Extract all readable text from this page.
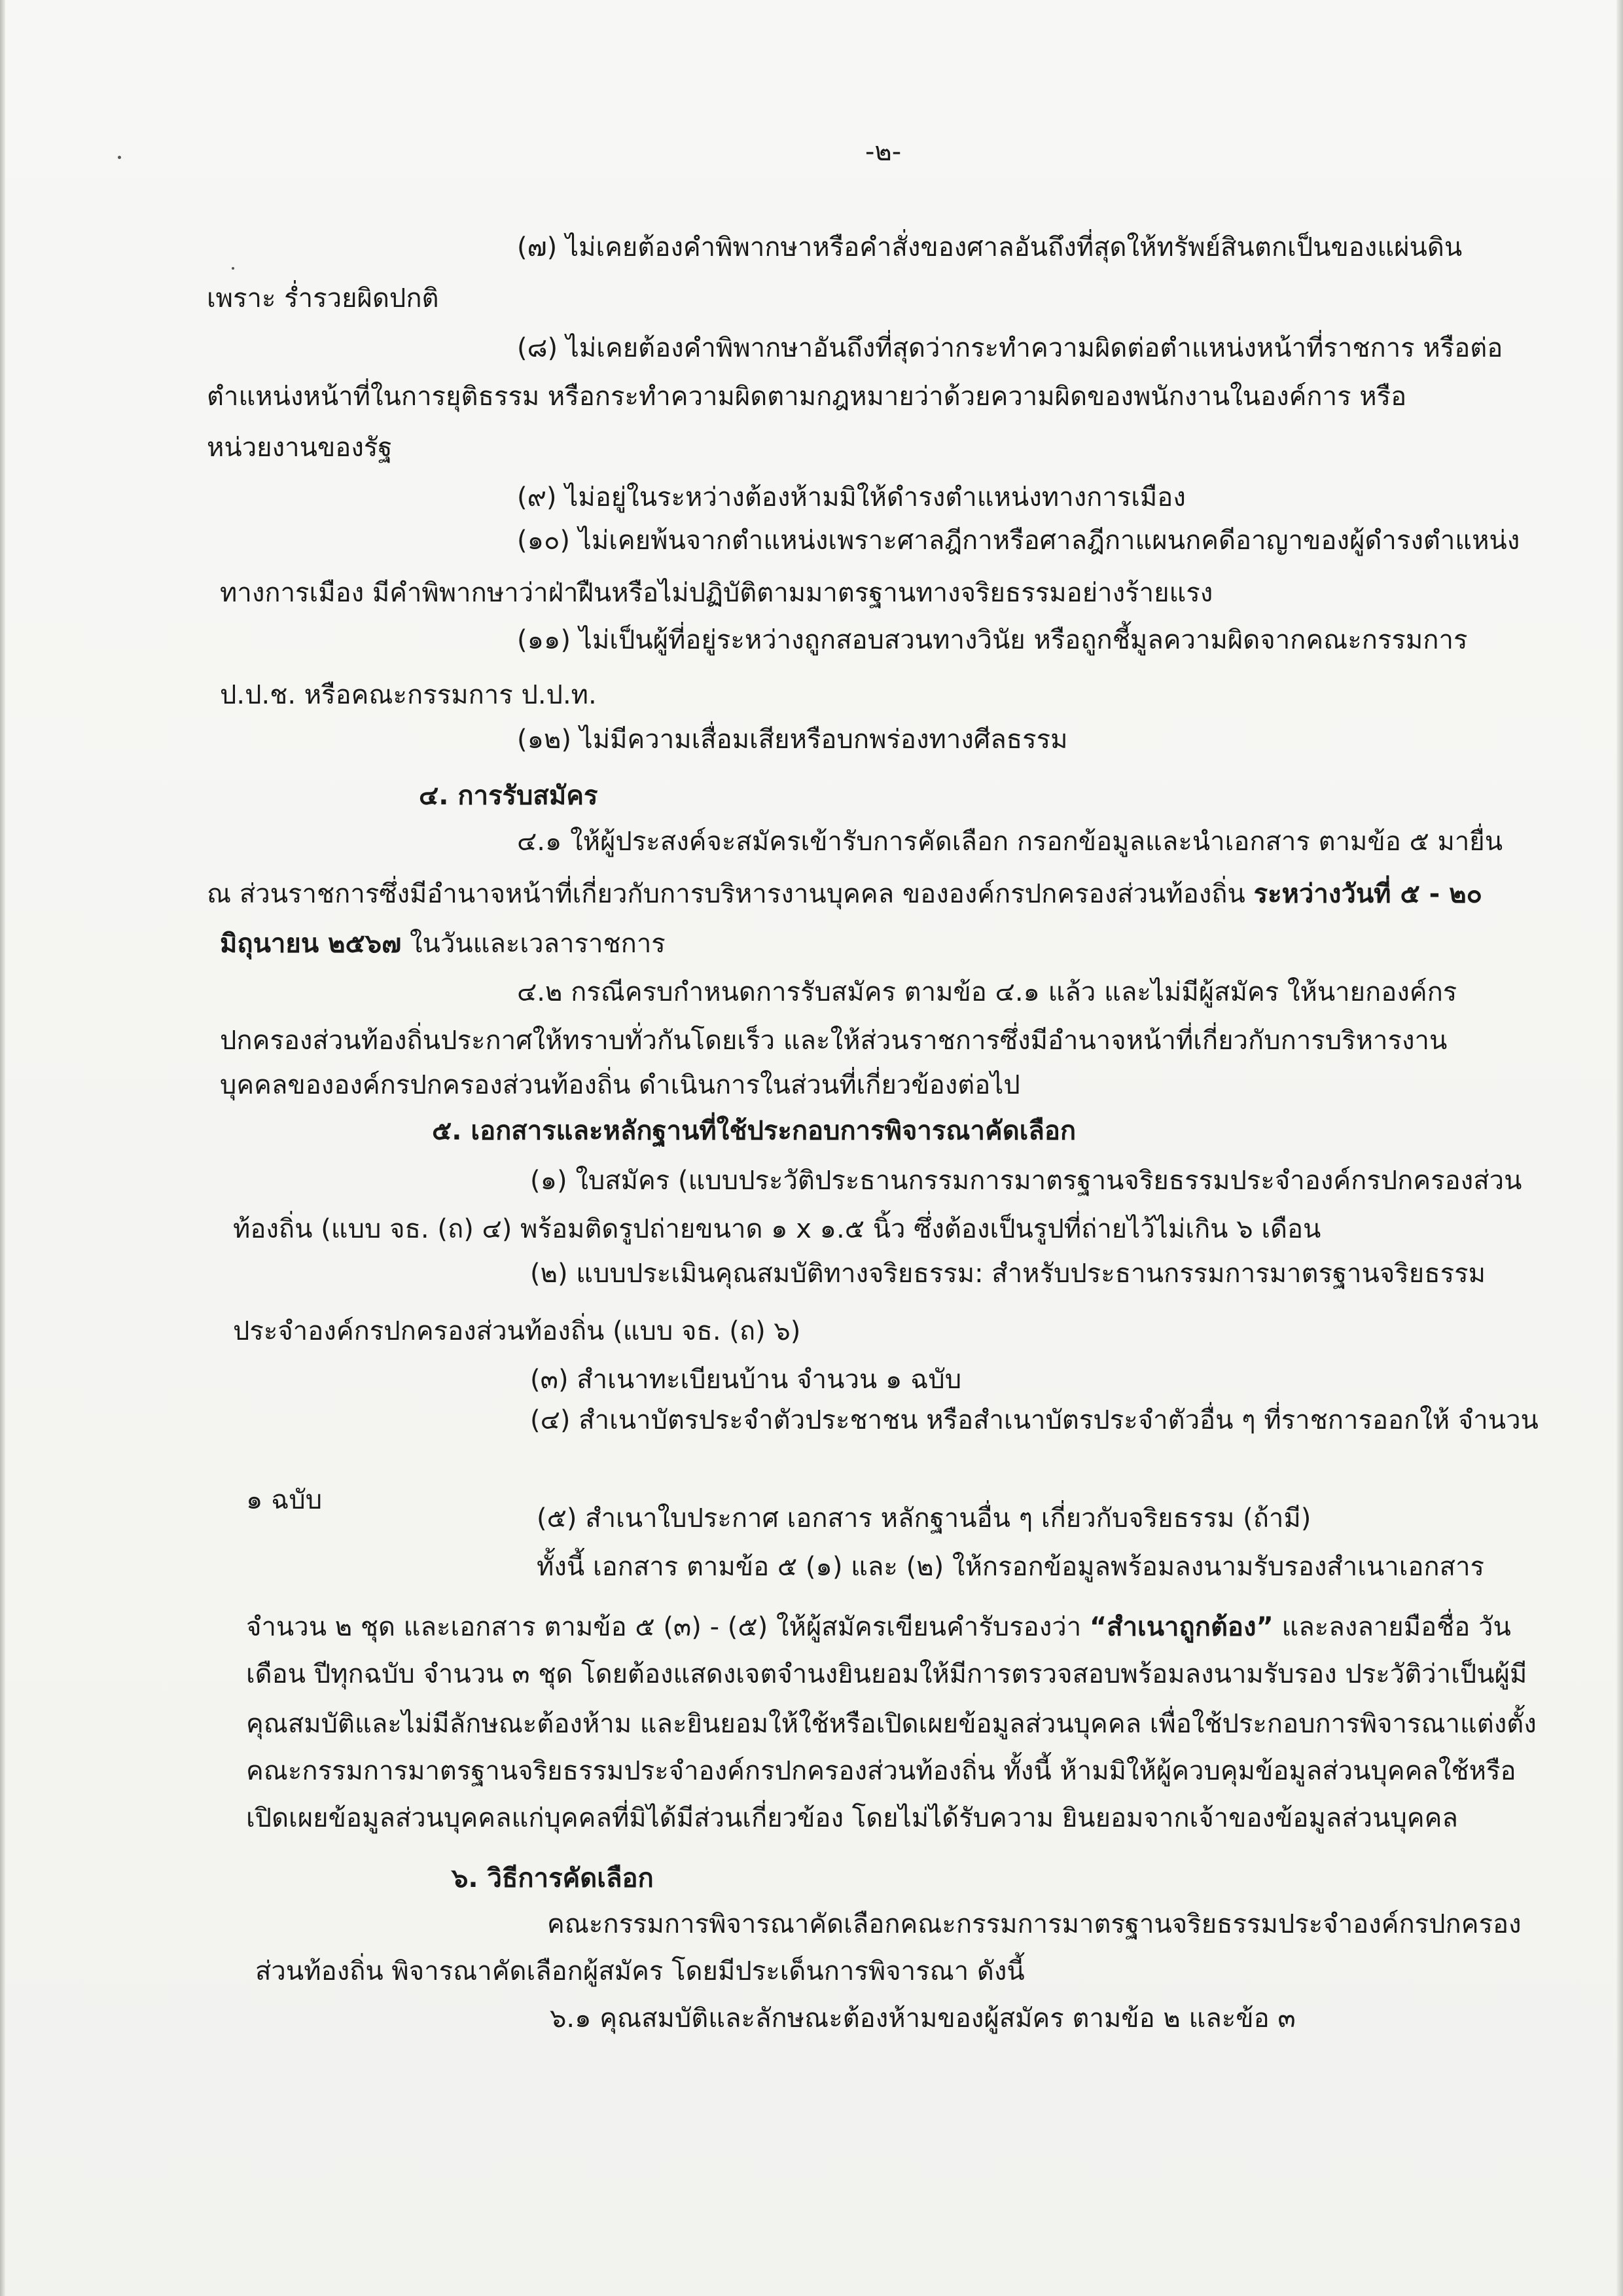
-๒-
(๗) ไม่เคยต้องคำพิพากษาหรือคำสั่งของศาลอันถึงที่สุดให้ทรัพย์สินตกเป็นของแผ่นดิน
เพราะ ร่ำรวยผิดปกติ
(๘) ไม่เคยต้องคำพิพากษาอันถึงที่สุดว่ากระทำความผิดต่อตำแหน่งหน้าที่ราชการ หรือต่อ
ตำแหน่งหน้าที่ในการยุติธรรม หรือกระทำความผิดตามกฎหมายว่าด้วยความผิดของพนักงานในองค์การ หรือ
หน่วยงานของรัฐ
(๙) ไม่อยู่ในระหว่างต้องห้ามมิให้ดำรงตำแหน่งทางการเมือง
(๑๐) ไม่เคยพ้นจากตำแหน่งเพราะศาลฎีกาหรือศาลฎีกาแผนกคดีอาญาของผู้ดำรงตำแหน่ง
ทางการเมือง มีคำพิพากษาว่าฝ่าฝืนหรือไม่ปฏิบัติตามมาตรฐานทางจริยธรรมอย่างร้ายแรง
(๑๑) ไม่เป็นผู้ที่อยู่ระหว่างถูกสอบสวนทางวินัย หรือถูกชี้มูลความผิดจากคณะกรรมการ
ป.ป.ช. หรือคณะกรรมการ ป.ป.ท.
(๑๒) ไม่มีความเสื่อมเสียหรือบกพร่องทางศีลธรรม
๔. การรับสมัคร
๔.๑ ให้ผู้ประสงค์จะสมัครเข้ารับการคัดเลือก กรอกข้อมูลและนำเอกสาร ตามข้อ ๕ มายื่น
ณ ส่วนราชการซึ่งมีอำนาจหน้าที่เกี่ยวกับการบริหารงานบุคคล ขององค์กรปกครองส่วนท้องถิ่น ระหว่างวันที่ ๕ - ๒๐
มิถุนายน ๒๕๖๗ ในวันและเวลาราชการ
๔.๒ กรณีครบกำหนดการรับสมัคร ตามข้อ ๔.๑ แล้ว และไม่มีผู้สมัคร ให้นายกองค์กร
ปกครองส่วนท้องถิ่นประกาศให้ทราบทั่วกันโดยเร็ว และให้ส่วนราชการซึ่งมีอำนาจหน้าที่เกี่ยวกับการบริหารงาน
บุคคลขององค์กรปกครองส่วนท้องถิ่น ดำเนินการในส่วนที่เกี่ยวข้องต่อไป
๕. เอกสารและหลักฐานที่ใช้ประกอบการพิจารณาคัดเลือก
(๑) ใบสมัคร (แบบประวัติประธานกรรมการมาตรฐานจริยธรรมประจำองค์กรปกครองส่วน
ท้องถิ่น (แบบ จธ. (ถ) ๔) พร้อมติดรูปถ่ายขนาด ๑ x ๑.๕ นิ้ว ซึ่งต้องเป็นรูปที่ถ่ายไว้ไม่เกิน ๖ เดือน
(๒) แบบประเมินคุณสมบัติทางจริยธรรม: สำหรับประธานกรรมการมาตรฐานจริยธรรม
ประจำองค์กรปกครองส่วนท้องถิ่น (แบบ จธ. (ถ) ๖)
(๓) สำเนาทะเบียนบ้าน จำนวน ๑ ฉบับ
(๔) สำเนาบัตรประจำตัวประชาชน หรือสำเนาบัตรประจำตัวอื่น ๆ ที่ราชการออกให้ จำนวน
๑ ฉบับ
(๕) สำเนาใบประกาศ เอกสาร หลักฐานอื่น ๆ เกี่ยวกับจริยธรรม (ถ้ามี)
ทั้งนี้ เอกสาร ตามข้อ ๕ (๑) และ (๒) ให้กรอกข้อมูลพร้อมลงนามรับรองสำเนาเอกสาร
จำนวน ๒ ชุด และเอกสาร ตามข้อ ๕ (๓) - (๕) ให้ผู้สมัครเขียนคำรับรองว่า “สำเนาถูกต้อง” และลงลายมือชื่อ วัน
เดือน ปีทุกฉบับ จำนวน ๓ ชุด โดยต้องแสดงเจตจำนงยินยอมให้มีการตรวจสอบพร้อมลงนามรับรอง ประวัติว่าเป็นผู้มี
คุณสมบัติและไม่มีลักษณะต้องห้าม และยินยอมให้ใช้หรือเปิดเผยข้อมูลส่วนบุคคล เพื่อใช้ประกอบการพิจารณาแต่งตั้ง
คณะกรรมการมาตรฐานจริยธรรมประจำองค์กรปกครองส่วนท้องถิ่น ทั้งนี้ ห้ามมิให้ผู้ควบคุมข้อมูลส่วนบุคคลใช้หรือ
เปิดเผยข้อมูลส่วนบุคคลแก่บุคคลที่มิได้มีส่วนเกี่ยวข้อง โดยไม่ได้รับความ ยินยอมจากเจ้าของข้อมูลส่วนบุคคล
๖. วิธีการคัดเลือก
คณะกรรมการพิจารณาคัดเลือกคณะกรรมการมาตรฐานจริยธรรมประจำองค์กรปกครอง
ส่วนท้องถิ่น พิจารณาคัดเลือกผู้สมัคร โดยมีประเด็นการพิจารณา ดังนี้
๖.๑ คุณสมบัติและลักษณะต้องห้ามของผู้สมัคร ตามข้อ ๒ และข้อ ๓
